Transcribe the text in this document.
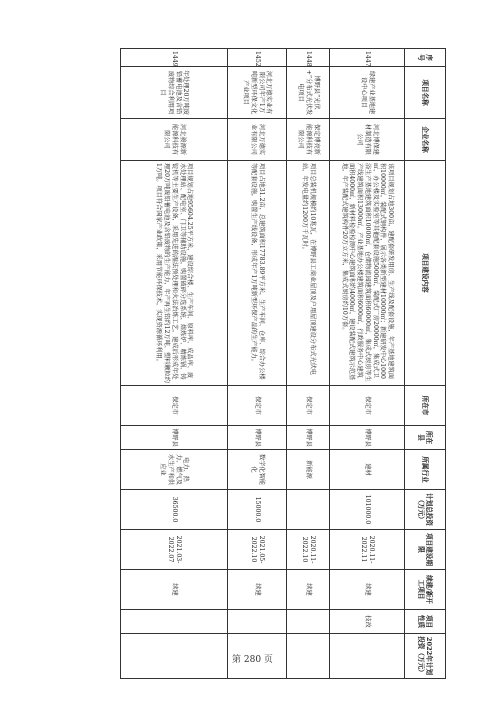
序号	项目名称	企业名称	项目建设内容	所在市	所在县	所属行业	计划总投资（万元）	项目建设期限	续建/新开工项目	项目性质	2022年计划投资（万元）
1447	绿建产业基地建设中心项目	河北博保建材制造有限公司	该项目规划占地300亩，建配套研发用房、生产线及配套设施，年产基地建筑面积10000㎡，装配式钢构件，展示各类新型建材10000㎡；新建研发中心1000㎡，办公楼及实验室等其他配套设施5000㎡，装配式厂房20000㎡，集成式卫浴生产基地建筑面积10000㎡，仓储物流园建筑面积60000㎡，集成式厨房等生产线建筑面积13000㎡。产业基地办公楼建筑面积6000㎡，行政服务中心建筑面积4000㎡，新材料检验检测中心建筑面积约4000㎡，建设装配式建筑示范基地，年产装配式建筑构件20万立方米，集成式厨房约10万套。	保定市	博野县	建材	101000.0	2020.11-2022.11	续建	技改	
1448	博野县“光伏+”分布式光伏发电项目	保定博亮新能源科技有限公司	项目总装机规模约10兆瓦，在博野县工商业屋顶及户用屋顶建设分布式光伏电站，年发电量约1200万千瓦时。	保定市	博野县	新能源		2020.11-2022.10	续建		
1452	河北万德实业有限公司年产1万吨新型环保文化产业项目	河北万德实业有限公司	项目占地31.2亩，总建筑面积17783.89平方米，生产车间、仓库、综合办公楼等配套设施，购置生产线设备，形成年产1万吨新型环保产品的生产能力。	保定市	博野县	数字化智能化	15000.0	2021.05-2022.10	续建		
1449	年处理20万吨废铅蓄电池及含铅废物综合利用项目	河北骏源新能源科技有限公司	项目规划占地95604.25平方米，建设综合楼、生产车间、原料库、成品库、废水处理站、配电室、门卫等辅助设施，购置破碎分选系统、熔炼炉、精炼锅、铸锭机等主要生产设备，采用先进的湿法预处理和火法冶炼工艺，建成后形成年处理20万吨废铅蓄电池及含铅废物的生产能力，年产再生铅约12万吨、塑料颗粒约1万吨。项目符合国家产业政策，采用节能环保技术，实现资源循环利用。	保定市	博野县	电力、热力、燃气及水生产和供应业	36500.0	2021.03-2022.07	续建		
第 280 页
